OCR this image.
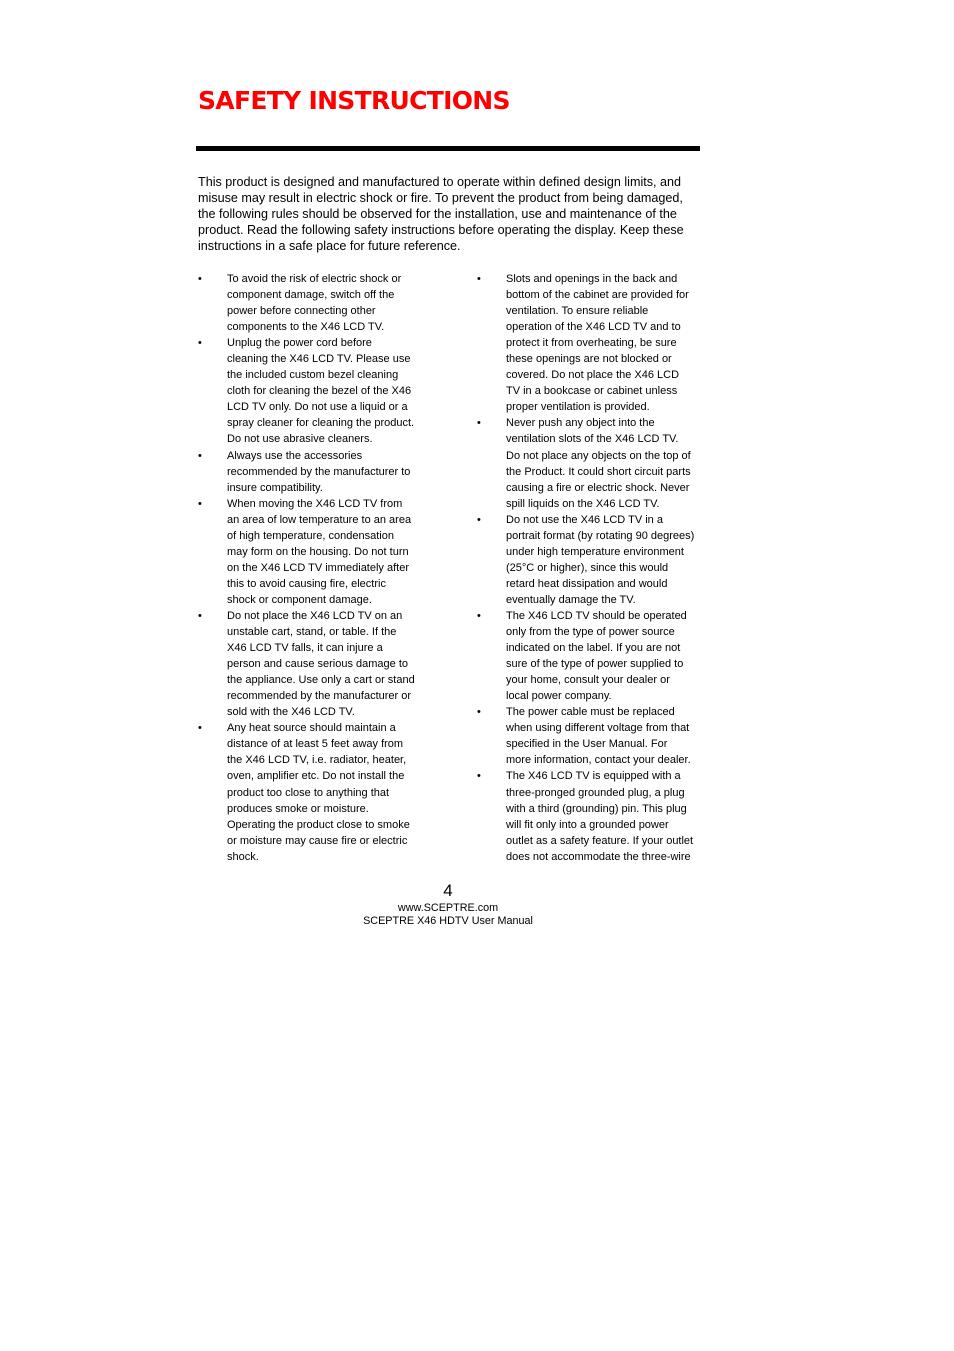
SAFETY INSTRUCTIONS
This product is designed and manufactured to operate within defined design limits, and
misuse may result in electric shock or fire. To prevent the product from being damaged,
the following rules should be observed for the installation, use and maintenance of the
product. Read the following safety instructions before operating the display. Keep these
instructions in a safe place for future reference.
• To avoid the risk of electric shock or
component damage, switch off the
power before connecting other
components to the X46 LCD TV.
• Unplug the power cord before
cleaning the X46 LCD TV. Please use
the included custom bezel cleaning
cloth for cleaning the bezel of the X46
LCD TV only. Do not use a liquid or a
spray cleaner for cleaning the product.
Do not use abrasive cleaners.
• Always use the accessories
recommended by the manufacturer to
insure compatibility.
• When moving the X46 LCD TV from
an area of low temperature to an area
of high temperature, condensation
may form on the housing. Do not turn
on the X46 LCD TV immediately after
this to avoid causing fire, electric
shock or component damage.
• Do not place the X46 LCD TV on an
unstable cart, stand, or table. If the
X46 LCD TV falls, it can injure a
person and cause serious damage to
the appliance. Use only a cart or stand
recommended by the manufacturer or
sold with the X46 LCD TV.
• Any heat source should maintain a
distance of at least 5 feet away from
the X46 LCD TV, i.e. radiator, heater,
oven, amplifier etc. Do not install the
product too close to anything that
produces smoke or moisture.
Operating the product close to smoke
or moisture may cause fire or electric
shock.
• Slots and openings in the back and
bottom of the cabinet are provided for
ventilation. To ensure reliable
operation of the X46 LCD TV and to
protect it from overheating, be sure
these openings are not blocked or
covered. Do not place the X46 LCD
TV in a bookcase or cabinet unless
proper ventilation is provided.
• Never push any object into the
ventilation slots of the X46 LCD TV.
Do not place any objects on the top of
the Product. It could short circuit parts
causing a fire or electric shock. Never
spill liquids on the X46 LCD TV.
• Do not use the X46 LCD TV in a
portrait format (by rotating 90 degrees)
under high temperature environment
(25°C or higher), since this would
retard heat dissipation and would
eventually damage the TV.
• The X46 LCD TV should be operated
only from the type of power source
indicated on the label. If you are not
sure of the type of power supplied to
your home, consult your dealer or
local power company.
• The power cable must be replaced
when using different voltage from that
specified in the User Manual. For
more information, contact your dealer.
• The X46 LCD TV is equipped with a
three-pronged grounded plug, a plug
with a third (grounding) pin. This plug
will fit only into a grounded power
outlet as a safety feature. If your outlet
does not accommodate the three-wire
4
www.SCEPTRE.com
SCEPTRE X46 HDTV User Manual
